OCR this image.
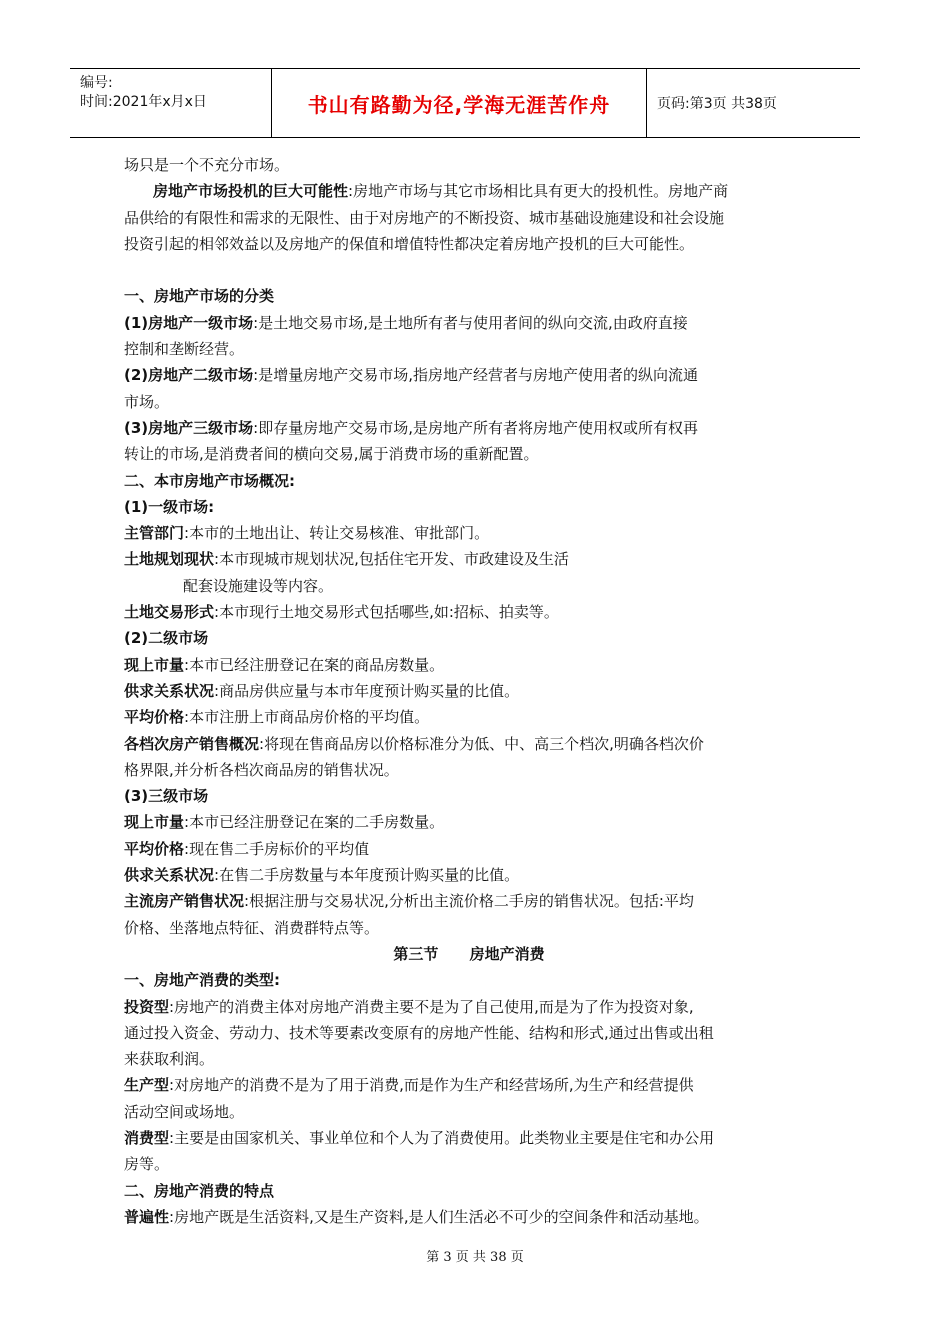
编号:
时间:2021年x月x日	书山有路勤为径,学海无涯苦作舟	页码:第3页 共38页
场只是一个不充分市场。
房地产市场投机的巨大可能性:房地产市场与其它市场相比具有更大的投机性。房地产商
品供给的有限性和需求的无限性、由于对房地产的不断投资、城市基础设施建设和社会设施
投资引起的相邻效益以及房地产的保值和增值特性都决定着房地产投机的巨大可能性。
一、房地产市场的分类
(1)房地产一级市场:是土地交易市场,是土地所有者与使用者间的纵向交流,由政府直接
控制和垄断经营。
(2)房地产二级市场:是增量房地产交易市场,指房地产经营者与房地产使用者的纵向流通
市场。
(3)房地产三级市场:即存量房地产交易市场,是房地产所有者将房地产使用权或所有权再
转让的市场,是消费者间的横向交易,属于消费市场的重新配置。
二、本市房地产市场概况:
(1)一级市场:
主管部门:本市的土地出让、转让交易核准、审批部门。
土地规划现状:本市现城市规划状况,包括住宅开发、市政建设及生活
配套设施建设等内容。
土地交易形式:本市现行土地交易形式包括哪些,如:招标、拍卖等。
(2)二级市场
现上市量:本市已经注册登记在案的商品房数量。
供求关系状况:商品房供应量与本市年度预计购买量的比值。
平均价格:本市注册上市商品房价格的平均值。
各档次房产销售概况:将现在售商品房以价格标准分为低、中、高三个档次,明确各档次价
格界限,并分析各档次商品房的销售状况。
(3)三级市场
现上市量:本市已经注册登记在案的二手房数量。
平均价格:现在售二手房标价的平均值
供求关系状况:在售二手房数量与本年度预计购买量的比值。
主流房产销售状况:根据注册与交易状况,分析出主流价格二手房的销售状况。包括:平均
价格、坐落地点特征、消费群特点等。
第三节      房地产消费
一、房地产消费的类型:
投资型:房地产的消费主体对房地产消费主要不是为了自己使用,而是为了作为投资对象,
通过投入资金、劳动力、技术等要素改变原有的房地产性能、结构和形式,通过出售或出租
来获取利润。
生产型:对房地产的消费不是为了用于消费,而是作为生产和经营场所,为生产和经营提供
活动空间或场地。
消费型:主要是由国家机关、事业单位和个人为了消费使用。此类物业主要是住宅和办公用
房等。
二、房地产消费的特点
普遍性:房地产既是生活资料,又是生产资料,是人们生活必不可少的空间条件和活动基地。
第 3 页 共 38 页
